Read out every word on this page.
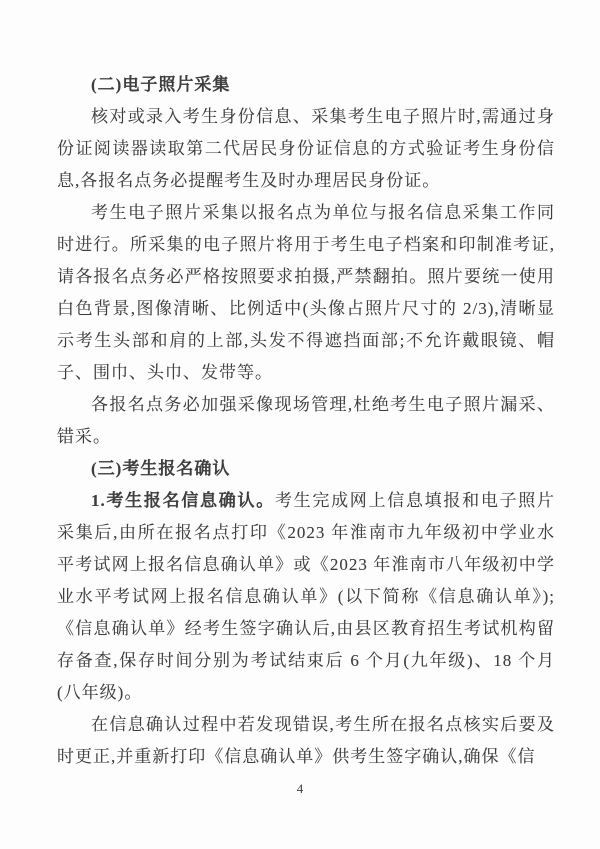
(二)电子照片采集

核对或录入考生身份信息、采集考生电子照片时,需通过身份证阅读器读取第二代居民身份证信息的方式验证考生身份信息,各报名点务必提醒考生及时办理居民身份证。

考生电子照片采集以报名点为单位与报名信息采集工作同时进行。所采集的电子照片将用于考生电子档案和印制准考证,请各报名点务必严格按照要求拍摄,严禁翻拍。照片要统一使用白色背景,图像清晰、比例适中(头像占照片尺寸的 2/3),清晰显示考生头部和肩的上部,头发不得遮挡面部;不允许戴眼镜、帽子、围巾、头巾、发带等。

各报名点务必加强采像现场管理,杜绝考生电子照片漏采、错采。

(三)考生报名确认

1.考生报名信息确认。考生完成网上信息填报和电子照片采集后,由所在报名点打印《2023 年淮南市九年级初中学业水平考试网上报名信息确认单》或《2023 年淮南市八年级初中学业水平考试网上报名信息确认单》(以下简称《信息确认单》);《信息确认单》经考生签字确认后,由县区教育招生考试机构留存备查,保存时间分别为考试结束后 6 个月(九年级)、18 个月(八年级)。

在信息确认过程中若发现错误,考生所在报名点核实后要及时更正,并重新打印《信息确认单》供考生签字确认,确保《信

4
